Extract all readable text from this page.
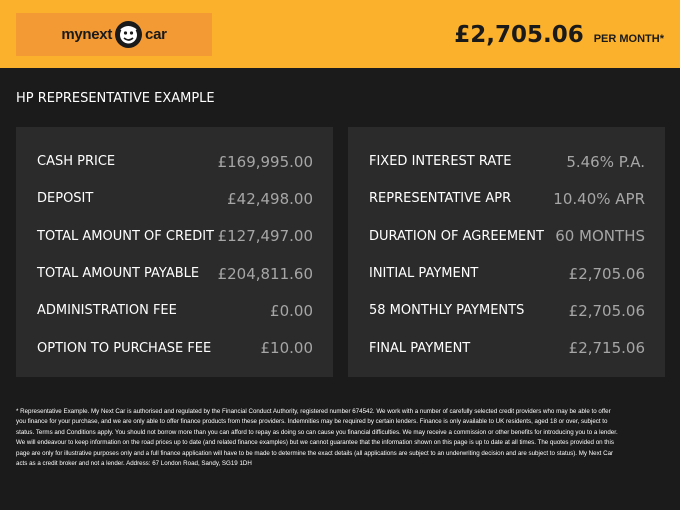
mynext car	£2,705.06 PER MONTH*
HP REPRESENTATIVE EXAMPLE
CASH PRICE	£169,995.00
DEPOSIT	£42,498.00
TOTAL AMOUNT OF CREDIT £127,497.00
TOTAL AMOUNT PAYABLE £204,811.60
ADMINISTRATION FEE	£0.00
OPTION TO PURCHASE FEE	£10.00
FIXED INTEREST RATE	5.46% P.A.
REPRESENTATIVE APR	10.40% APR
DURATION OF AGREEMENT 60 MONTHS
INITIAL PAYMENT	£2,705.06
58 MONTHLY PAYMENTS	£2,705.06
FINAL PAYMENT	£2,715.06

* Representative Example. My Next Car is authorised and regulated by the Financial Conduct Authority, registered number 674542. We work with a number of carefully selected credit providers who may be able to offer you finance for your purchase, and we are only able to offer finance products from these providers. Indemnities may be required by certain lenders. Finance is only available to UK residents, aged 18 or over, subject to status. Terms and Conditions apply. You should not borrow more than you can afford to repay as doing so can cause you financial difficulties. We may receive a commission or other benefits for introducing you to a lender. We will endeavour to keep information on the road prices up to date (and related finance examples) but we cannot guarantee that the information shown on this page is up to date at all times. The quotes provided on this page are only for illustrative purposes only and a full finance application will have to be made to determine the exact details (all applications are subject to an underwriting decision and are subject to status). My Next Car acts as a credit broker and not a lender. Address: 67 London Road, Sandy, SG19 1DH
